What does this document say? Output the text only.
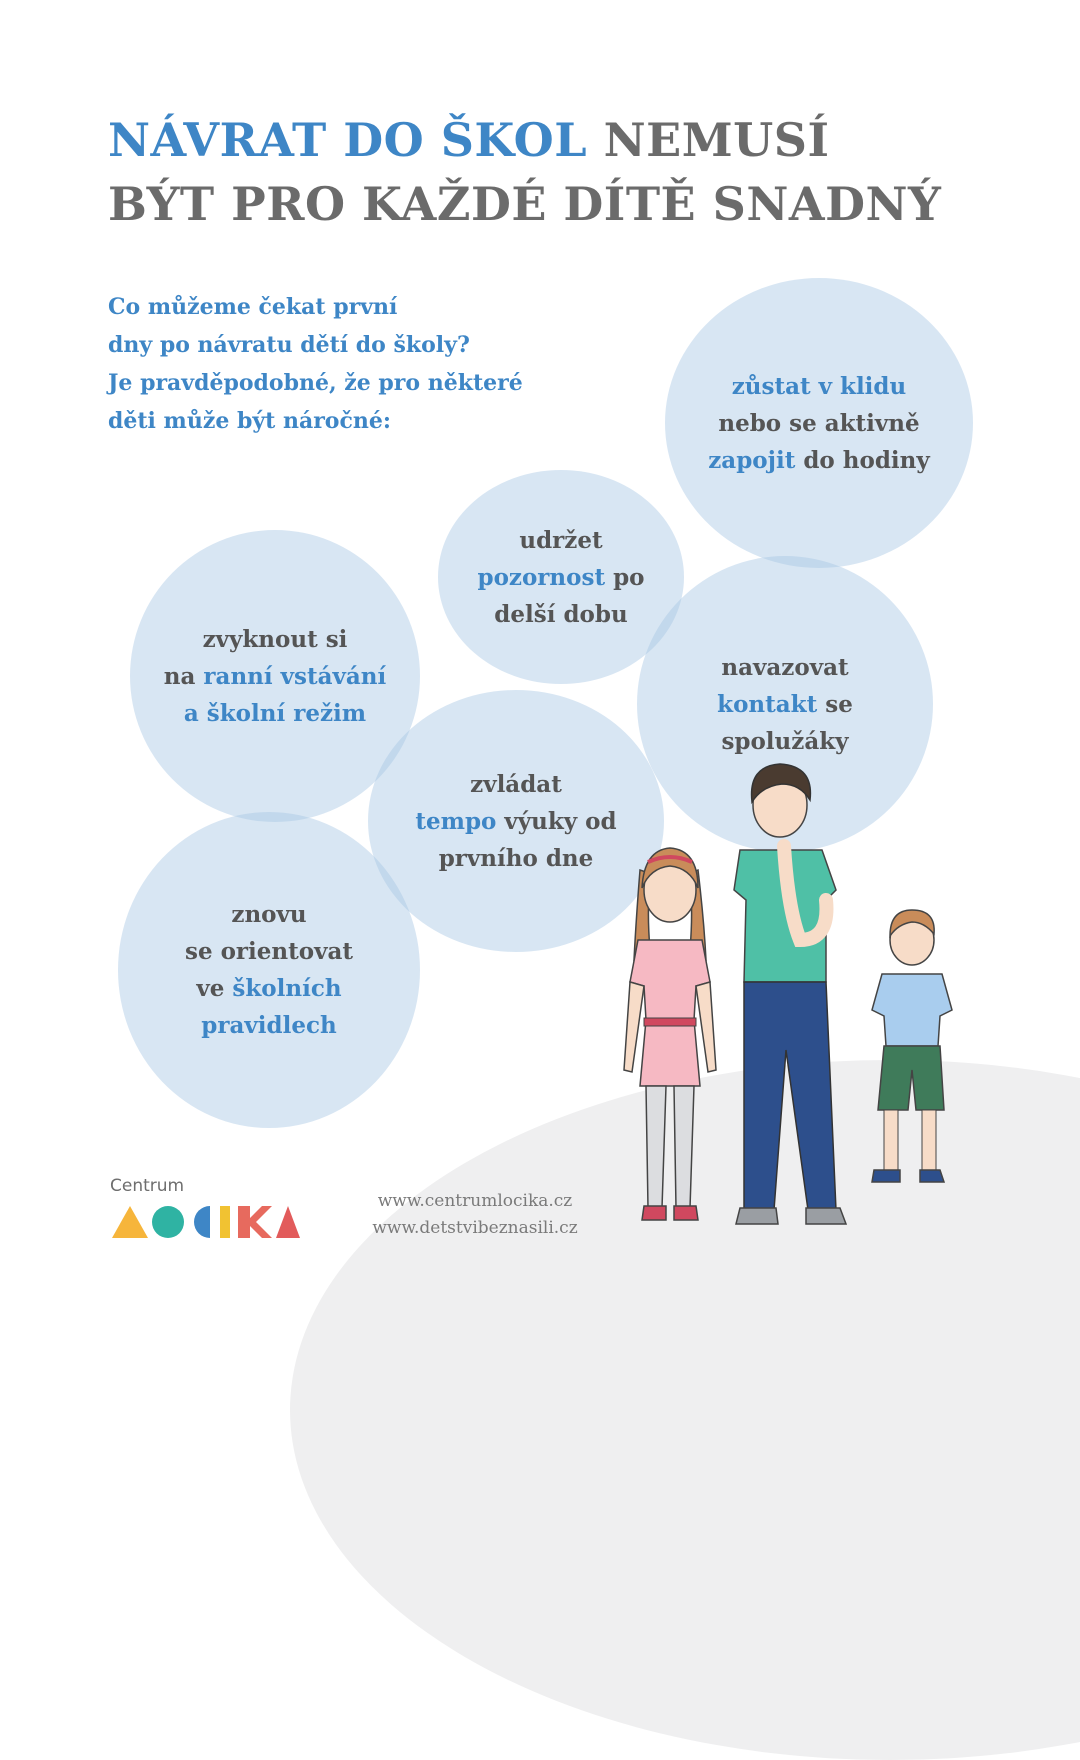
NÁVRAT DO ŠKOL NEMUSÍ
BÝT PRO KAŽDÉ DÍTĚ SNADNÝ

Co můžeme čekat první
dny po návratu dětí do školy?
Je pravděpodobné, že pro některé
děti může být náročné:

zůstat v klidu
nebo se aktivně
zapojit do hodiny
udržet
pozornost po
delší dobu
zvyknout si
na ranní vstávání
a školní režim
navazovat
kontakt se
spolužáky
zvládat
tempo výuky od
prvního dne
znovu
se orientovat
ve školních
pravidlech
Centrum
www.centrumlocika.cz
www.detstvibeznasili.cz
